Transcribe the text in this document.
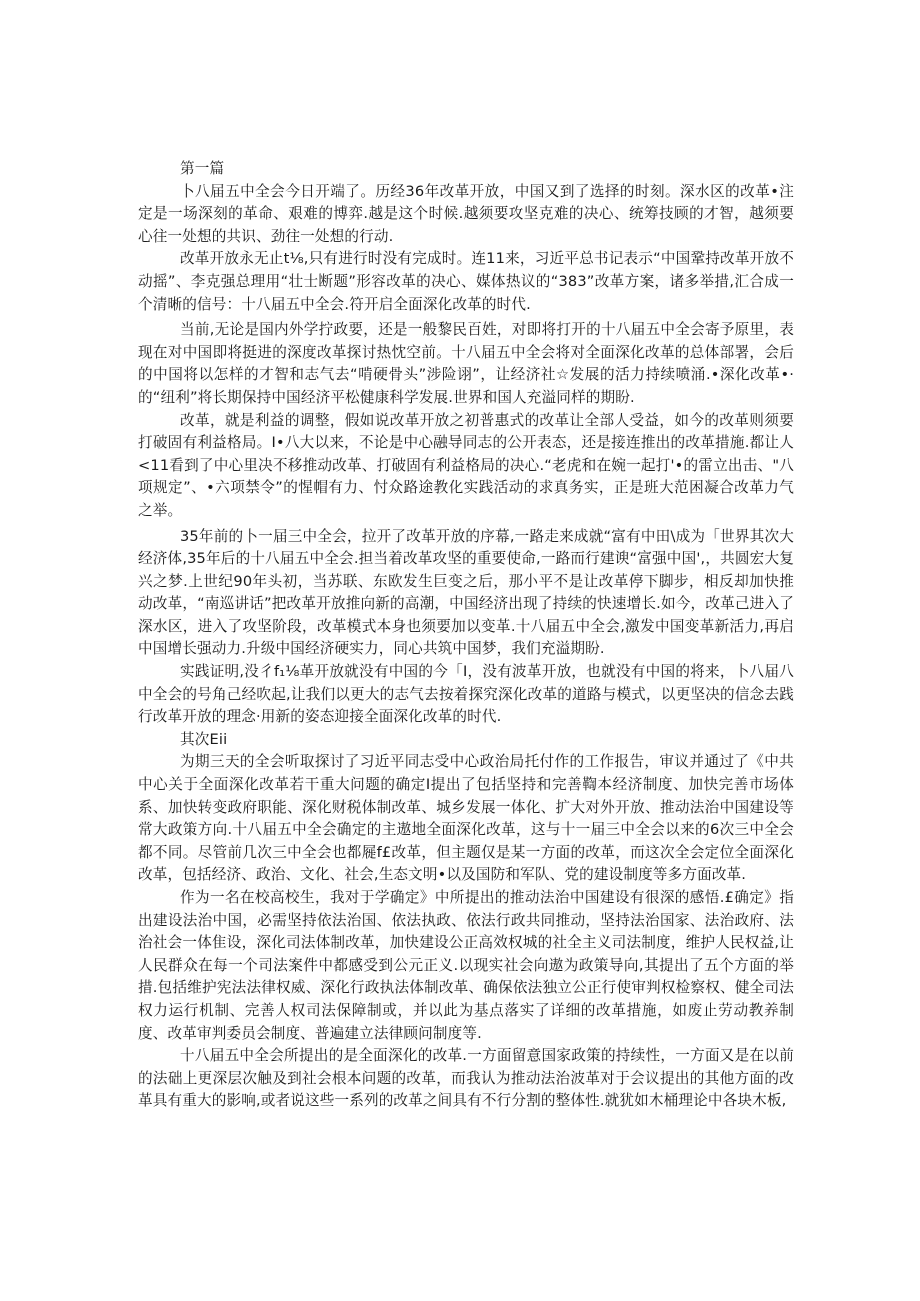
第一篇

卜八届五中全会今日开端了。历经36年改革开放，中国又到了选择的时刻。深水区的改革•注定是一场深刻的革命、艰难的博弈.越是这个时候.越须要攻坚克难的决心、统筹技顾的才智，越须要心往一处想的共识、劲往一处想的行动.

改革开放永无止t⅛,只有进行时没有完成时。连11来，习近平总书记表示“中国鞏持改革开放不动摇”、李克强总理用“壮士断题”形容改革的决心、媒体热议的“383”改革方案，诸多举措,汇合成一个清晰的信号：十八届五中全会.符开启全面深化改革的时代.

当前,无论是国内外学拧政要，还是一般黎民百姓，对即将打开的十八届五中全会寄予原里，表现在对中国即将挺进的深度改革探讨热忱空前。十八届五中全会将对全面深化改革的总体部署，会后的中国将以怎样的才智和志气去“啃硬骨头”涉险诩”，让经济社☆发展的活力持续喷涌.•深化改革•·的“纽利”将长期保持中国经济平松健康科学发展.世界和国人充溢同样的期盼.

改革，就是利益的调整，假如说改革开放之初普惠式的改革让全部人受益，如今的改革则须要打破固有利益格局。I•八大以来，不论是中心融导同志的公开表态，还是接连推出的改革措施.都让人<11看到了中心里决不移推动改革、打破固有利益格局的决心.“老虎和在婉一起打'•的雷立出击、"八项规定”、•六项禁令”的惺帽有力、忖众路途教化实践活动的求真务实，正是班大范困凝合改革力气之举。

35年前的卜一届三中全会，拉开了改革开放的序幕,一路走来成就“富有中田\成为「世界其次大经济体,35年后的十八届五中全会.担当着改革攻坚的重要使命,一路而行建谀“富强中国',，共圆宏大复兴之梦.上世纪90年头初，当苏联、东欧发生巨变之后，那小平不是让改革停下脚步，相反却加快推动改革，“南巡讲话”把改革开放推向新的高潮，中国经济出现了持续的快速增长.如今，改革己进入了深水区，进入了攻坚阶段，改革模式本身也须要加以变革.十八届五中全会,激发中国变革新活力,再启中国增长强动力.升级中国经济硬实力，同心共筑中国梦，我们充溢期盼.

实践证明,没彳f₁⅛革开放就没有中国的今「I，没有波革开放，也就没有中国的将来，卜八届八中全会的号角己经吹起,让我们以更大的志气去按着探究深化改革的道路与模式，以更坚决的信念去践行改革开放的理念·用新的姿态迎接全面深化改革的时代.

其次Eii

为期三天的全会听取探讨了习近平同志受中心政治局托付作的工作报告，审议并通过了《中共中心关于全面深化改革若干重大问题的确定I提出了包括坚持和完善鞫本经济制度、加快完善市场体系、加快转变政府职能、深化财税体制改革、城乡发展一体化、扩大对外开放、推动法治中国建设等常大政策方向.十八届五中全会确定的主遨地全面深化改革，这与十一届三中全会以来的6次三中全会都不同。尽管前几次三中全会也都屣f£改革，但主题仅是某一方面的改革，而这次全会定位全面深化改革，包括经济、政治、文化、社会,生态文明•以及国防和军队、党的建设制度等多方面改革.

作为一名在校高校生，我对于学确定》中所提出的推动法治中国建设有很深的感悟.£确定》指出建设法治中国，必需坚持依法治国、依法执政、依法行政共同推动，坚持法治国家、法治政府、法治社会一体隹设，深化司法体制改革，加快建设公正高效权城的社全主义司法制度，维护人民权益,让人民群众在每一个司法案件中都感受到公元正义.以现实社会向遨为政策导向,其提出了五个方面的举措.包括维护宪法法律权威、深化行政执法体制改革、确保依法独立公正行使审判权检察权、健全司法权力运行机制、完善人权司法保障制或，并以此为基点落实了详细的改革措施，如废止劳动教养制度、改革审判委员会制度、普遍建立法律顾问制度等.

十八届五中全会所提出的是全面深化的改革.一方面留意国家政策的持续性，一方面又是在以前的法础上更深层次触及到社会根本问题的改革，而我认为推动法治波革对于会议提出的其他方面的改革具有重大的影响,或者说这些一系列的改革之间具有不行分割的整体性.就犹如木桶理论中各块木板,
